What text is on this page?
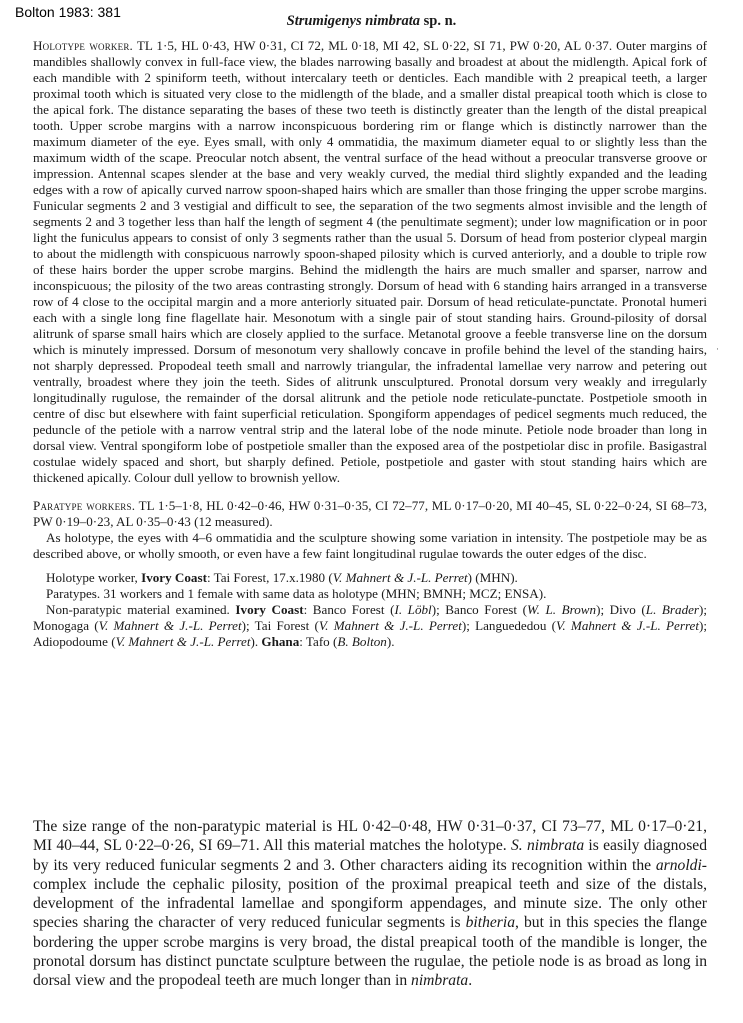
Bolton 1983: 381
Strumigenys nimbrata sp. n.

Holotype worker. TL 1·5, HL 0·43, HW 0·31, CI 72, ML 0·18, MI 42, SL 0·22, SI 71, PW 0·20, AL 0·37. Outer margins of mandibles shallowly convex in full-face view, the blades narrowing basally and broadest at about the midlength. Apical fork of each mandible with 2 spiniform teeth, without intercalary teeth or denticles. Each mandible with 2 preapical teeth, a larger proximal tooth which is situated very close to the midlength of the blade, and a smaller distal preapical tooth which is close to the apical fork. The distance separating the bases of these two teeth is distinctly greater than the length of the distal preapical tooth. Upper scrobe margins with a narrow inconspicuous bordering rim or flange which is distinctly narrower than the maximum diameter of the eye. Eyes small, with only 4 ommatidia, the maximum diameter equal to or slightly less than the maximum width of the scape. Preocular notch absent, the ventral surface of the head without a preocular transverse groove or impression. Antennal scapes slender at the base and very weakly curved, the medial third slightly expanded and the leading edges with a row of apically curved narrow spoon-shaped hairs which are smaller than those fringing the upper scrobe margins. Funicular segments 2 and 3 vestigial and difficult to see, the separation of the two segments almost invisible and the length of segments 2 and 3 together less than half the length of segment 4 (the penultimate segment); under low magnification or in poor light the funiculus appears to consist of only 3 segments rather than the usual 5. Dorsum of head from posterior clypeal margin to about the midlength with conspicuous narrowly spoon-shaped pilosity which is curved anteriorly, and a double to triple row of these hairs border the upper scrobe margins. Behind the midlength the hairs are much smaller and sparser, narrow and inconspicuous; the pilosity of the two areas contrasting strongly. Dorsum of head with 6 standing hairs arranged in a transverse row of 4 close to the occipital margin and a more anteriorly situated pair. Dorsum of head reticulate-punctate. Pronotal humeri each with a single long fine flagellate hair. Mesonotum with a single pair of stout standing hairs. Ground-pilosity of dorsal alitrunk of sparse small hairs which are closely applied to the surface. Metanotal groove a feeble transverse line on the dorsum which is minutely impressed. Dorsum of mesonotum very shallowly concave in profile behind the level of the standing hairs, not sharply depressed. Propodeal teeth small and narrowly triangular, the infradental lamellae very narrow and petering out ventrally, broadest where they join the teeth. Sides of alitrunk unsculptured. Pronotal dorsum very weakly and irregularly longitudinally rugulose, the remainder of the dorsal alitrunk and the petiole node reticulate-punctate. Postpetiole smooth in centre of disc but elsewhere with faint superficial reticulation. Spongiform appendages of pedicel segments much reduced, the peduncle of the petiole with a narrow ventral strip and the lateral lobe of the node minute. Petiole node broader than long in dorsal view. Ventral spongiform lobe of postpetiole smaller than the exposed area of the postpetiolar disc in profile. Basigastral costulae widely spaced and short, but sharply defined. Petiole, postpetiole and gaster with stout standing hairs which are thickened apically. Colour dull yellow to brownish yellow.

Paratype workers. TL 1·5–1·8, HL 0·42–0·46, HW 0·31–0·35, CI 72–77, ML 0·17–0·20, MI 40–45, SL 0·22–0·24, SI 68–73, PW 0·19–0·23, AL 0·35–0·43 (12 measured).

As holotype, the eyes with 4–6 ommatidia and the sculpture showing some variation in intensity. The postpetiole may be as described above, or wholly smooth, or even have a few faint longitudinal rugulae towards the outer edges of the disc.

Holotype worker, Ivory Coast: Tai Forest, 17.x.1980 (V. Mahnert & J.-L. Perret) (MHN).

Paratypes. 31 workers and 1 female with same data as holotype (MHN; BMNH; MCZ; ENSA).

Non-paratypic material examined. Ivory Coast: Banco Forest (I. Löbl); Banco Forest (W. L. Brown); Divo (L. Brader); Monogaga (V. Mahnert & J.-L. Perret); Tai Forest (V. Mahnert & J.-L. Perret); Languededou (V. Mahnert & J.-L. Perret); Adiopodoume (V. Mahnert & J.-L. Perret). Ghana: Tafo (B. Bolton).

The size range of the non-paratypic material is HL 0·42–0·48, HW 0·31–0·37, CI 73–77, ML 0·17–0·21, MI 40–44, SL 0·22–0·26, SI 69–71. All this material matches the holotype. S. nimbrata is easily diagnosed by its very reduced funicular segments 2 and 3. Other characters aiding its recognition within the arnoldi-complex include the cephalic pilosity, position of the proximal preapical teeth and size of the distals, development of the infradental lamellae and spongiform appendages, and minute size. The only other species sharing the character of very reduced funicular segments is bitheria, but in this species the flange bordering the upper scrobe margins is very broad, the distal preapical tooth of the mandible is longer, the pronotal dorsum has distinct punctate sculpture between the rugulae, the petiole node is as broad as long in dorsal view and the propodeal teeth are much longer than in nimbrata.

·
